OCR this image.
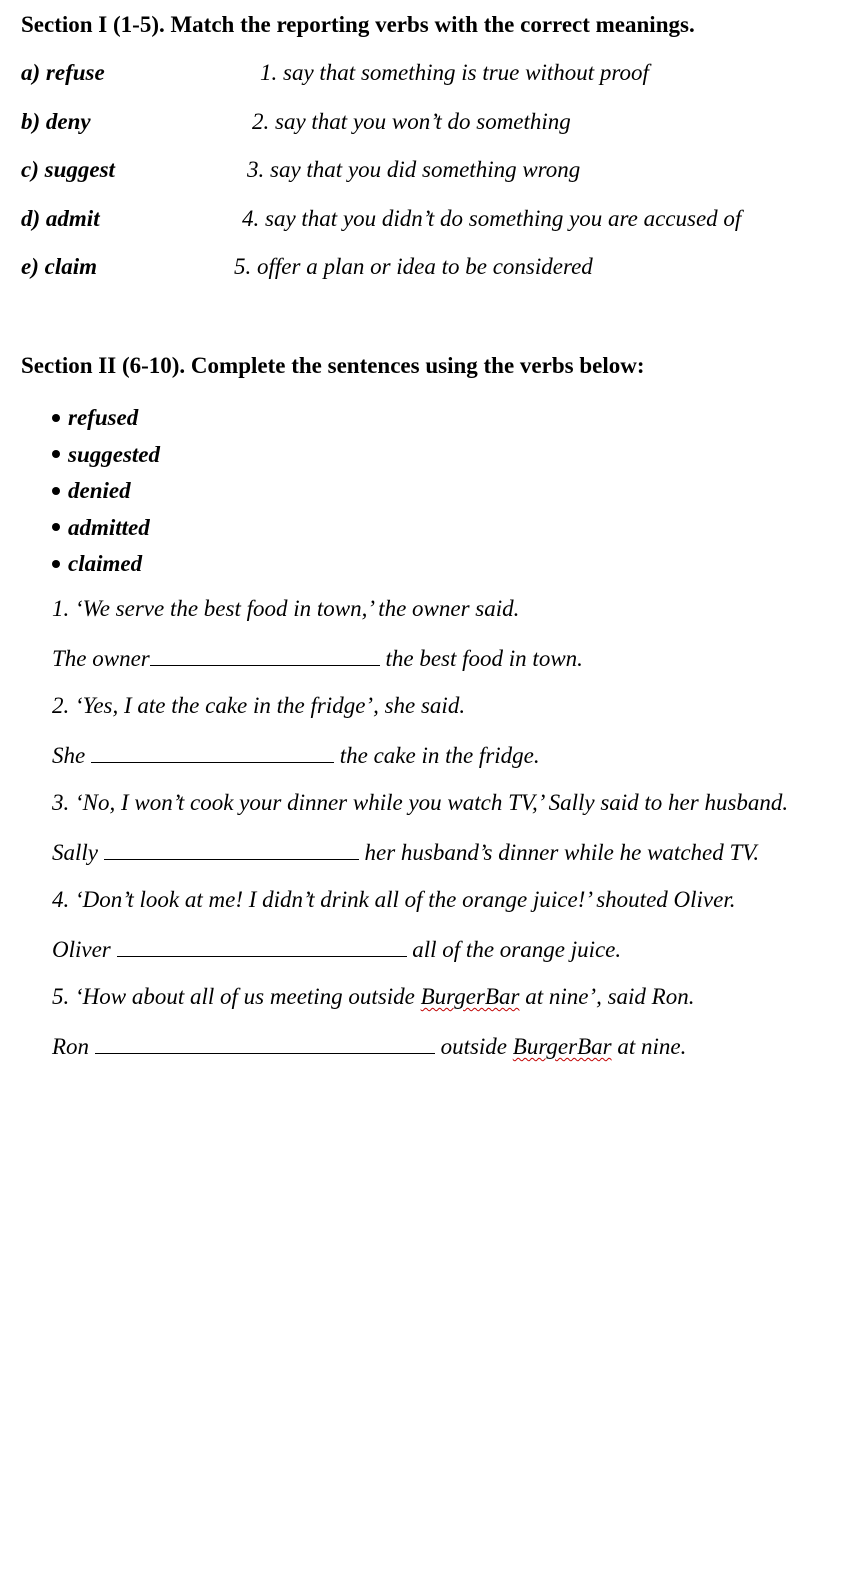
Section I (1-5). Match the reporting verbs with the correct meanings.
a) refuse	1. say that something is true without proof
b) deny	2. say that you won’t do something
c) suggest	3. say that you did something wrong
d) admit	4. say that you didn’t do something you are accused of
e) claim	5. offer a plan or idea to be considered
Section II (6-10). Complete the sentences using the verbs below:
refused
suggested
denied
admitted
claimed
1. ‘We serve the best food in town,’ the owner said.
The owner	the best food in town.
2. ‘Yes, I ate the cake in the fridge’, she said.
She	the cake in the fridge.
3. ‘No, I won’t cook your dinner while you watch TV,’ Sally said to her husband.
Sally	her husband’s dinner while he watched TV.
4. ‘Don’t look at me! I didn’t drink all of the orange juice!’ shouted Oliver.
Oliver	all of the orange juice.
5. ‘How about all of us meeting outside BurgerBar at nine’, said Ron.
Ron	outside BurgerBar at nine.
